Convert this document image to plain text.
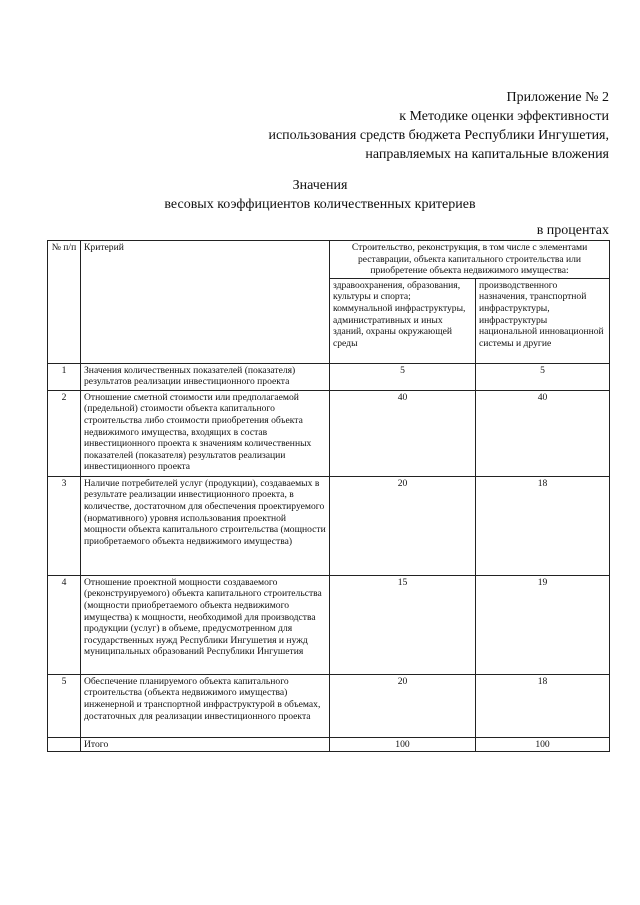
Приложение № 2
к Методике оценки эффективности
использования средств бюджета Республики Ингушетия,
направляемых на капитальные вложения
Значения
весовых коэффициентов количественных критериев
в процентах
№ п/п	Критерий	Строительство, реконструкция, в том числе с элементами реставрации, объекта капитального строительства или приобретение объекта недвижимого имущества:	
		здравоохранения, образования, культуры и спорта; коммунальной инфраструктуры, административных и иных зданий, охраны окружающей среды	производственного назначения, транспортной инфраструктуры, инфраструктуры национальной инновационной системы и другие
1	Значения количественных показателей (показателя) результатов реализации инвестиционного проекта	5	5
2	Отношение сметной стоимости или предполагаемой (предельной) стоимости объекта капитального строительства либо стоимости приобретения объекта недвижимого имущества, входящих в состав инвестиционного проекта к значениям количественных показателей (показателя) результатов реализации инвестиционного проекта	40	40
3	Наличие потребителей услуг (продукции), создаваемых в результате реализации инвестиционного проекта, в количестве, достаточном для обеспечения проектируемого (нормативного) уровня использования проектной мощности объекта капитального строительства (мощности приобретаемого объекта недвижимого имущества)	20	18
4	Отношение проектной мощности создаваемого (реконструируемого) объекта капитального строительства (мощности приобретаемого объекта недвижимого имущества) к мощности, необходимой для производства продукции (услуг) в объеме, предусмотренном для государственных нужд Республики Ингушетия и нужд муниципальных образований Республики Ингушетия	15	19
5	Обеспечение планируемого объекта капитального строительства (объекта недвижимого имущества) инженерной и транспортной инфраструктурой в объемах, достаточных для реализации инвестиционного проекта	20	18
	Итого	100	100
